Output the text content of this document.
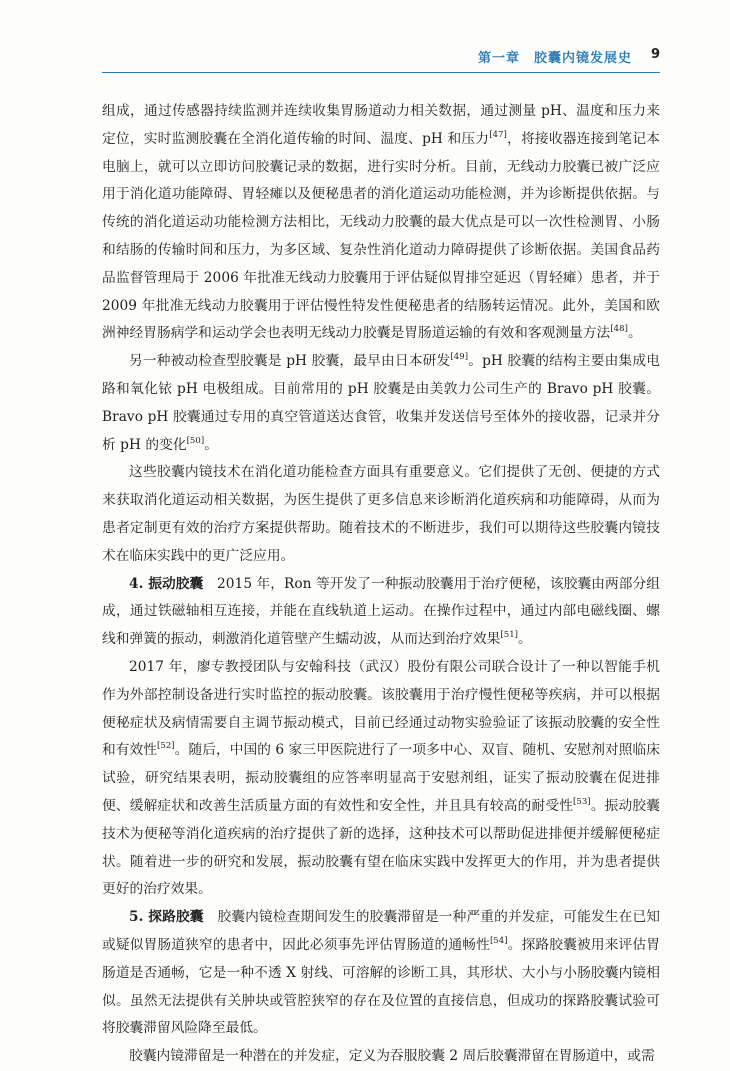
第一章　胶囊内镜发展史 9

组成，通过传感器持续监测并连续收集胃肠道动力相关数据，通过测量 pH、温度和压力来定位，实时监测胶囊在全消化道传输的时间、温度、pH 和压力[47]，将接收器连接到笔记本电脑上，就可以立即访问胶囊记录的数据，进行实时分析。目前，无线动力胶囊已被广泛应用于消化道功能障碍、胃轻瘫以及便秘患者的消化道运动功能检测，并为诊断提供依据。与传统的消化道运动功能检测方法相比，无线动力胶囊的最大优点是可以一次性检测胃、小肠和结肠的传输时间和压力，为多区域、复杂性消化道动力障碍提供了诊断依据。美国食品药品监督管理局于 2006 年批准无线动力胶囊用于评估疑似胃排空延迟（胃轻瘫）患者，并于 2009 年批准无线动力胶囊用于评估慢性特发性便秘患者的结肠转运情况。此外，美国和欧洲神经胃肠病学和运动学会也表明无线动力胶囊是胃肠道运输的有效和客观测量方法[48]。

另一种被动检查型胶囊是 pH 胶囊，最早由日本研发[49]。pH 胶囊的结构主要由集成电路和氧化铱 pH 电极组成。目前常用的 pH 胶囊是由美敦力公司生产的 Bravo pH 胶囊。Bravo pH 胶囊通过专用的真空管道送达食管，收集并发送信号至体外的接收器，记录并分析 pH 的变化[50]。

这些胶囊内镜技术在消化道功能检查方面具有重要意义。它们提供了无创、便捷的方式来获取消化道运动相关数据，为医生提供了更多信息来诊断消化道疾病和功能障碍，从而为患者定制更有效的治疗方案提供帮助。随着技术的不断进步，我们可以期待这些胶囊内镜技术在临床实践中的更广泛应用。

4. 振动胶囊　2015 年，Ron 等开发了一种振动胶囊用于治疗便秘，该胶囊由两部分组成，通过铁磁轴相互连接，并能在直线轨道上运动。在操作过程中，通过内部电磁线圈、螺线和弹簧的振动，刺激消化道管壁产生蠕动波，从而达到治疗效果[51]。

2017 年，廖专教授团队与安翰科技（武汉）股份有限公司联合设计了一种以智能手机作为外部控制设备进行实时监控的振动胶囊。该胶囊用于治疗慢性便秘等疾病，并可以根据便秘症状及病情需要自主调节振动模式，目前已经通过动物实验验证了该振动胶囊的安全性和有效性[52]。随后，中国的 6 家三甲医院进行了一项多中心、双盲、随机、安慰剂对照临床试验，研究结果表明，振动胶囊组的应答率明显高于安慰剂组，证实了振动胶囊在促进排便、缓解症状和改善生活质量方面的有效性和安全性，并且具有较高的耐受性[53]。振动胶囊技术为便秘等消化道疾病的治疗提供了新的选择，这种技术可以帮助促进排便并缓解便秘症状。随着进一步的研究和发展，振动胶囊有望在临床实践中发挥更大的作用，并为患者提供更好的治疗效果。

5. 探路胶囊　胶囊内镜检查期间发生的胶囊滞留是一种严重的并发症，可能发生在已知或疑似胃肠道狭窄的患者中，因此必须事先评估胃肠道的通畅性[54]。探路胶囊被用来评估胃肠道是否通畅，它是一种不透 X 射线、可溶解的诊断工具，其形状、大小与小肠胶囊内镜相似。虽然无法提供有关肿块或管腔狭窄的存在及位置的直接信息，但成功的探路胶囊试验可将胶囊滞留风险降至最低。

胶囊内镜滞留是一种潜在的并发症，定义为吞服胶囊 2 周后胶囊滞留在胃肠道中，或需
